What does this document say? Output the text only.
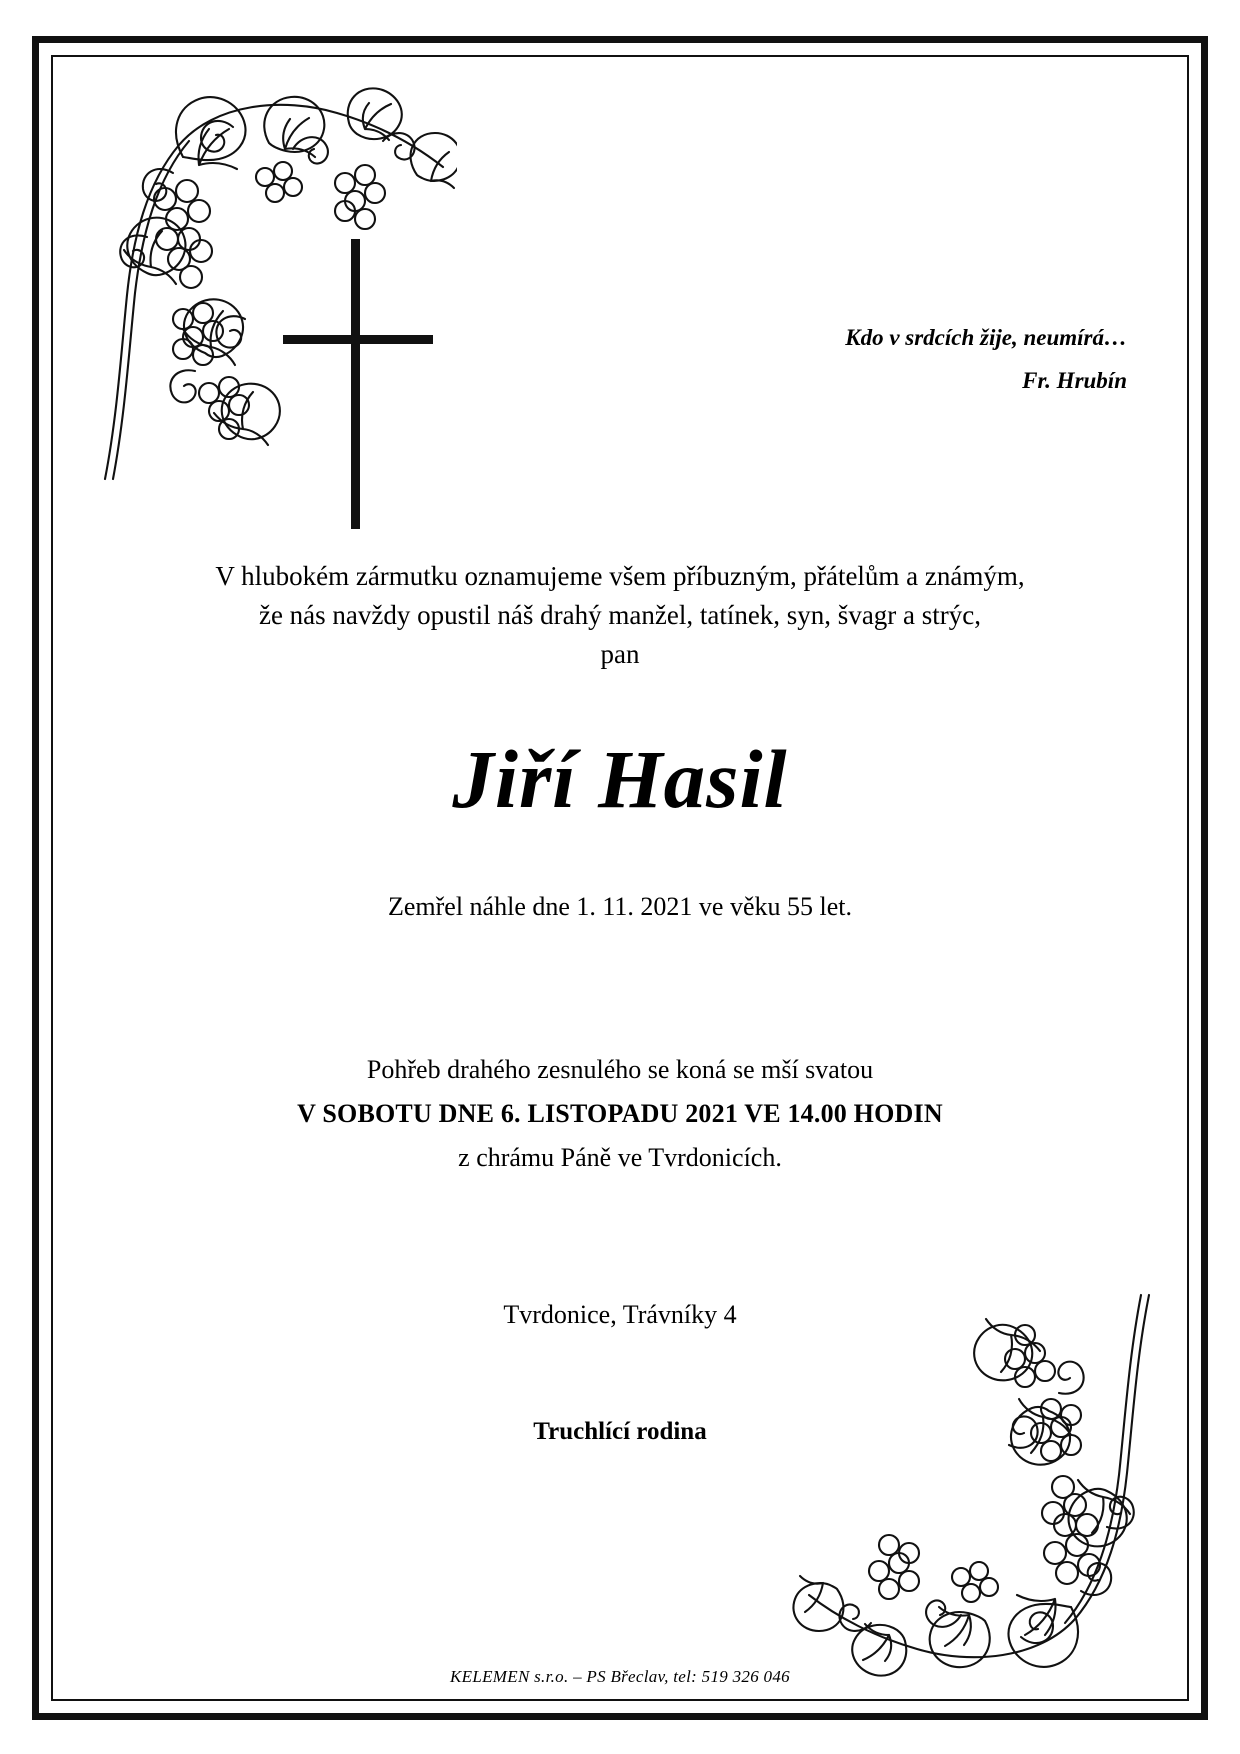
Kdo v srdcích žije, neumírá…
Fr. Hrubín

V hlubokém zármutku oznamujeme všem příbuzným, přátelům a známým,
že nás navždy opustil náš drahý manžel, tatínek, syn, švagr a strýc,
pan

Jiří Hasil
Zemřel náhle dne 1. 11. 2021 ve věku 55 let.
Pohřeb drahého zesnulého se koná se mší svatou
V SOBOTU DNE 6. LISTOPADU 2021 VE 14.00 HODIN
z chrámu Páně ve Tvrdonicích.
Tvrdonice, Trávníky 4
Truchlící rodina
KELEMEN s.r.o. – PS Břeclav, tel: 519 326 046
